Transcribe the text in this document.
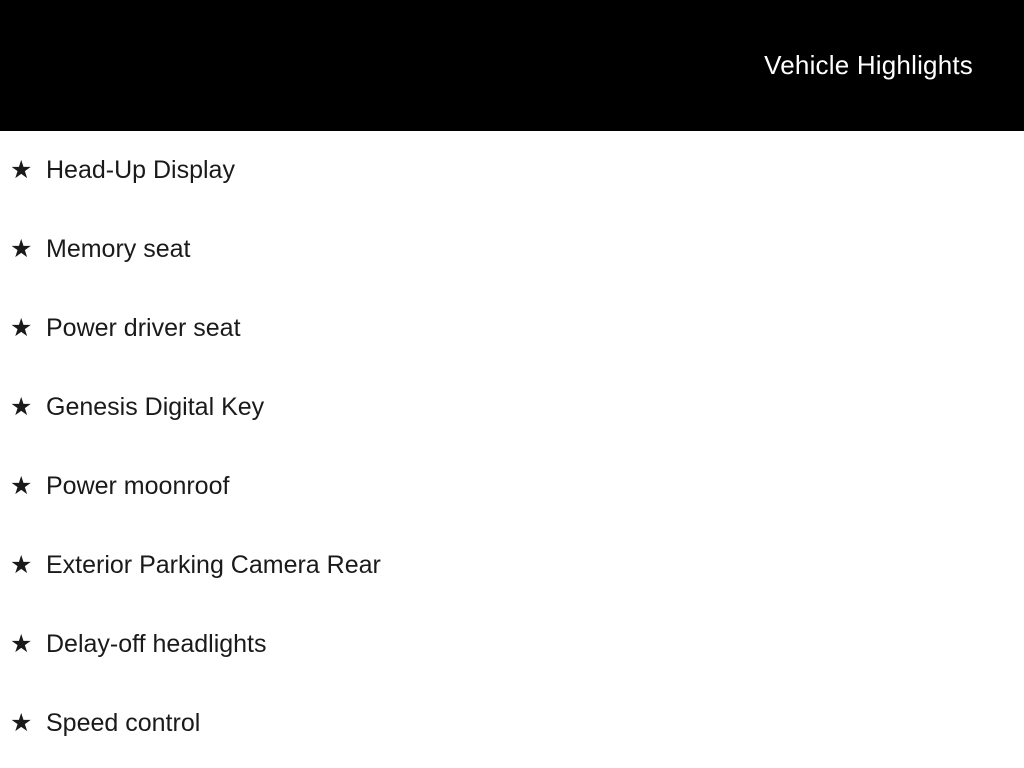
Vehicle Highlights
★ Head-Up Display
★ Memory seat
★ Power driver seat
★ Genesis Digital Key
★ Power moonroof
★ Exterior Parking Camera Rear
★ Delay-off headlights
★ Speed control
